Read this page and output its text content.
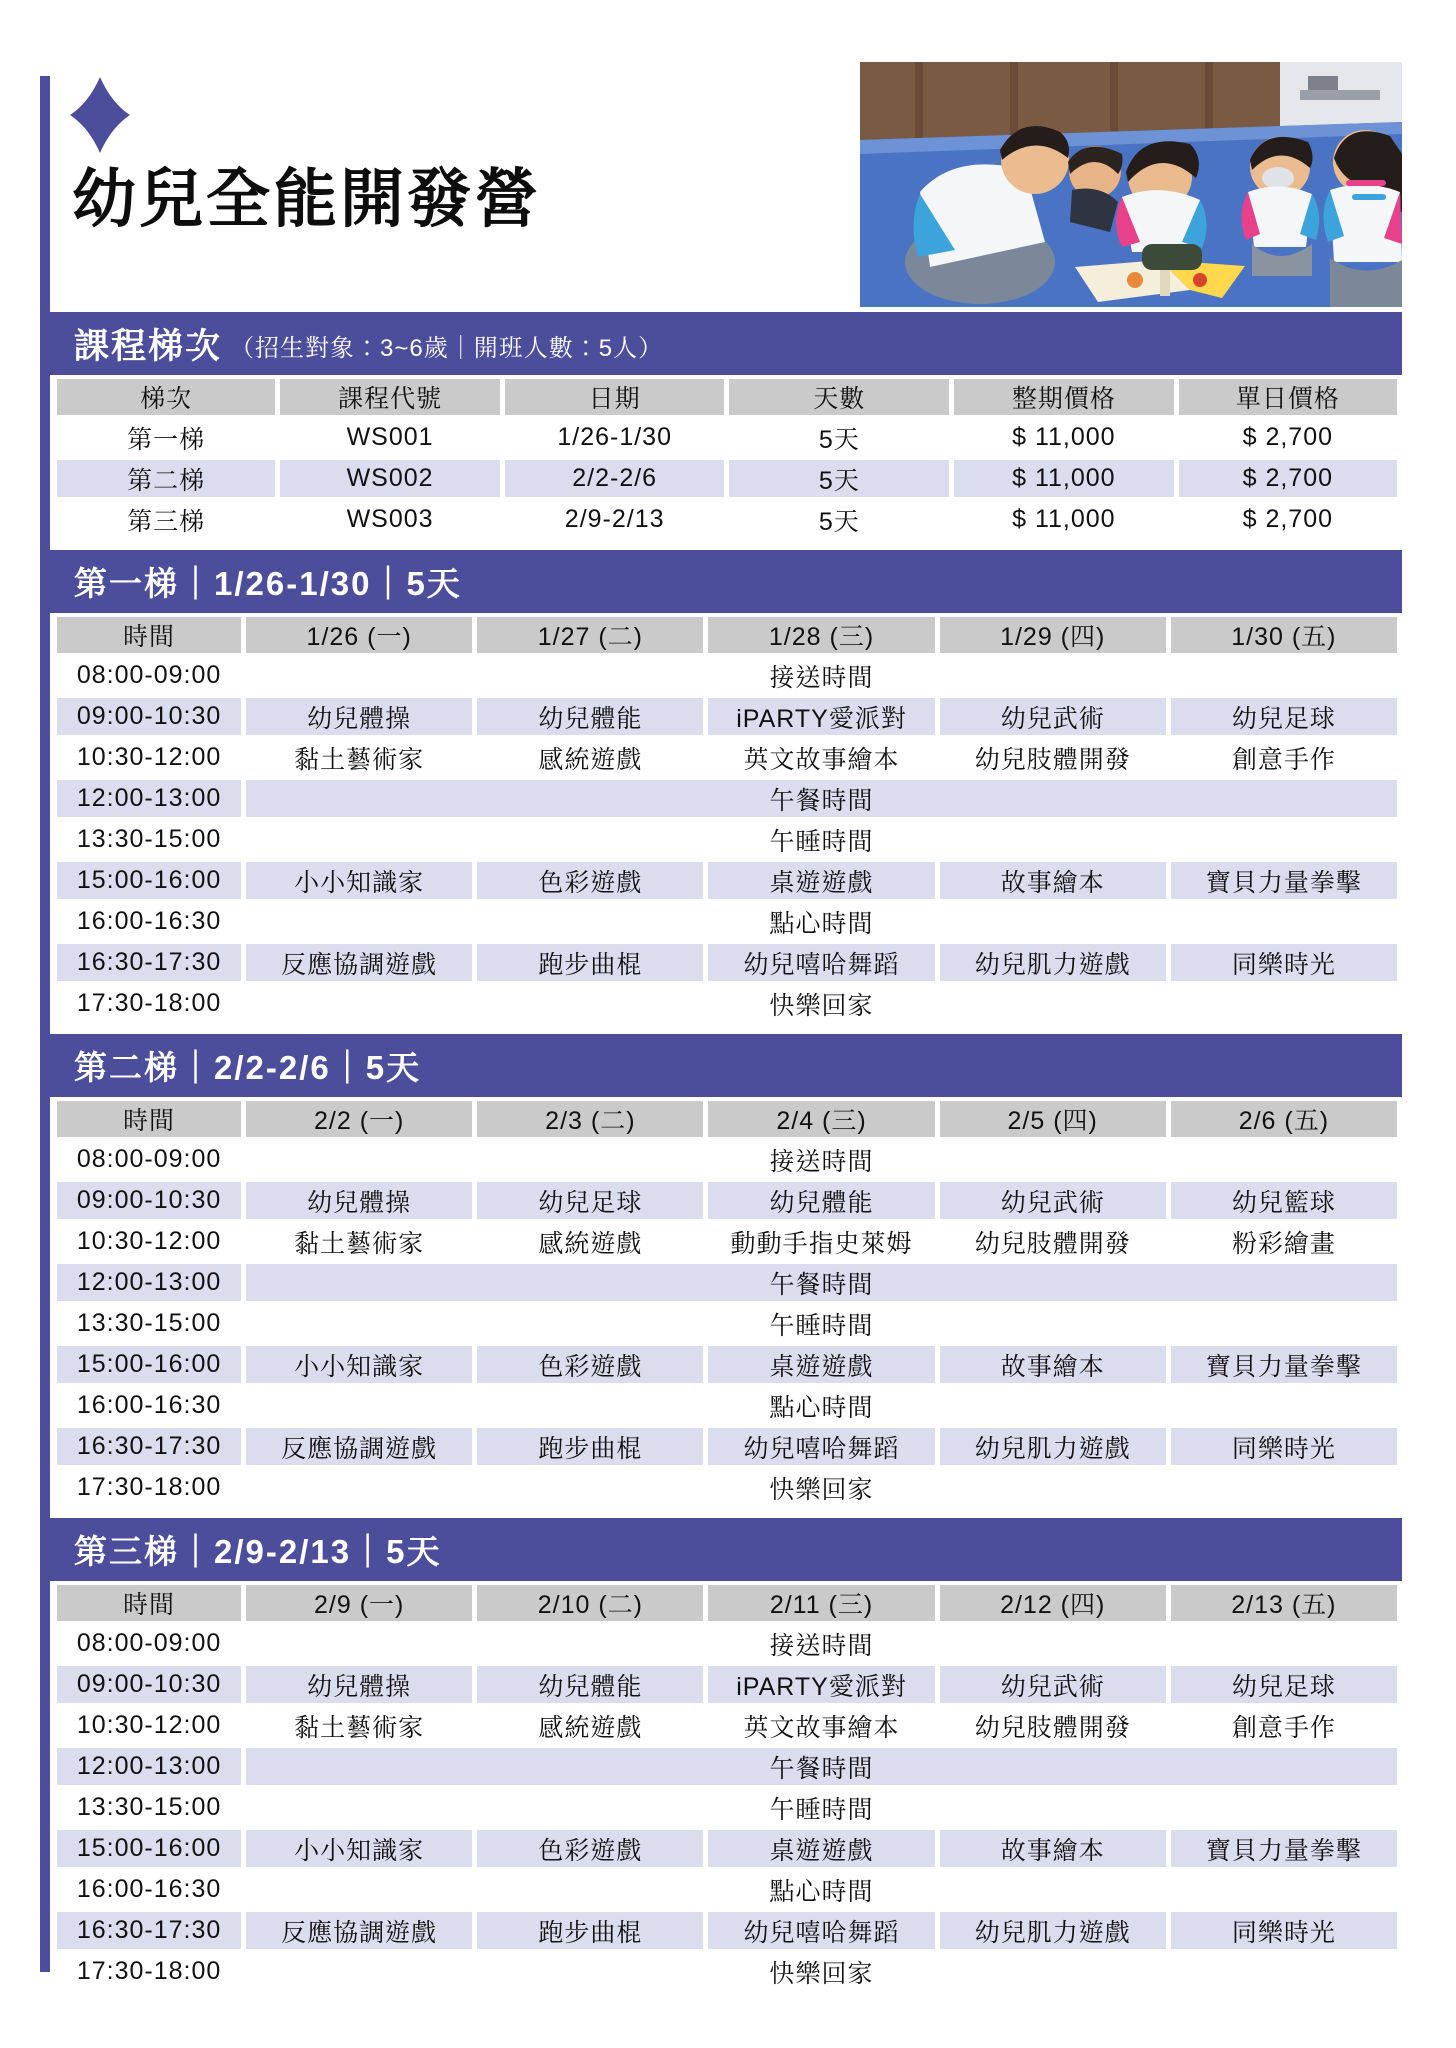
幼兒全能開發營
課程梯次 （招生對象：3~6歲｜開班人數：5人）
梯次	課程代號	日期	天數	整期價格	單日價格
第一梯	WS001	1/26-1/30	5天	$ 11,000	$ 2,700
第二梯	WS002	2/2-2/6	5天	$ 11,000	$ 2,700
第三梯	WS003	2/9-2/13	5天	$ 11,000	$ 2,700
第一梯｜1/26-1/30｜5天
時間	1/26 (一)	1/27 (二)	1/28 (三)	1/29 (四)	1/30 (五)
08:00-09:00	接送時間				
09:00-10:30	幼兒體操	幼兒體能	iPARTY愛派對	幼兒武術	幼兒足球
10:30-12:00	黏土藝術家	感統遊戲	英文故事繪本	幼兒肢體開發	創意手作
12:00-13:00	午餐時間				
13:30-15:00	午睡時間				
15:00-16:00	小小知識家	色彩遊戲	桌遊遊戲	故事繪本	寶貝力量拳擊
16:00-16:30	點心時間				
16:30-17:30	反應協調遊戲	跑步曲棍	幼兒嘻哈舞蹈	幼兒肌力遊戲	同樂時光
17:30-18:00	快樂回家				
第二梯｜2/2-2/6｜5天
時間	2/2 (一)	2/3 (二)	2/4 (三)	2/5 (四)	2/6 (五)
08:00-09:00	接送時間				
09:00-10:30	幼兒體操	幼兒足球	幼兒體能	幼兒武術	幼兒籃球
10:30-12:00	黏土藝術家	感統遊戲	動動手指史萊姆	幼兒肢體開發	粉彩繪畫
12:00-13:00	午餐時間				
13:30-15:00	午睡時間				
15:00-16:00	小小知識家	色彩遊戲	桌遊遊戲	故事繪本	寶貝力量拳擊
16:00-16:30	點心時間				
16:30-17:30	反應協調遊戲	跑步曲棍	幼兒嘻哈舞蹈	幼兒肌力遊戲	同樂時光
17:30-18:00	快樂回家				
第三梯｜2/9-2/13｜5天
時間	2/9 (一)	2/10 (二)	2/11 (三)	2/12 (四)	2/13 (五)
08:00-09:00	接送時間				
09:00-10:30	幼兒體操	幼兒體能	iPARTY愛派對	幼兒武術	幼兒足球
10:30-12:00	黏土藝術家	感統遊戲	英文故事繪本	幼兒肢體開發	創意手作
12:00-13:00	午餐時間				
13:30-15:00	午睡時間				
15:00-16:00	小小知識家	色彩遊戲	桌遊遊戲	故事繪本	寶貝力量拳擊
16:00-16:30	點心時間				
16:30-17:30	反應協調遊戲	跑步曲棍	幼兒嘻哈舞蹈	幼兒肌力遊戲	同樂時光
17:30-18:00	快樂回家				
